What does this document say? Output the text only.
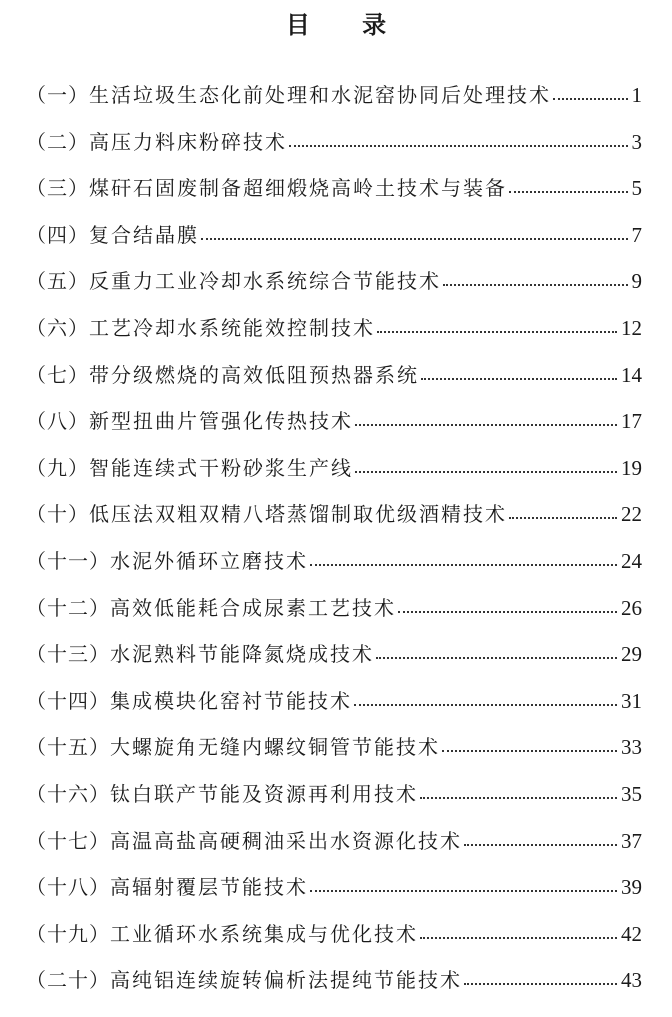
目 录
（一） 生活垃圾生态化前处理和水泥窑协同后处理技术	1
（二） 高压力料床粉碎技术	3
（三） 煤矸石固废制备超细煅烧高岭土技术与装备	5
（四） 复合结晶膜	7
（五） 反重力工业冷却水系统综合节能技术	9
（六） 工艺冷却水系统能效控制技术	12
（七） 带分级燃烧的高效低阻预热器系统	14
（八） 新型扭曲片管强化传热技术	17
（九） 智能连续式干粉砂浆生产线	19
（十） 低压法双粗双精八塔蒸馏制取优级酒精技术	22
（十一） 水泥外循环立磨技术	24
（十二） 高效低能耗合成尿素工艺技术	26
（十三） 水泥熟料节能降氮烧成技术	29
（十四） 集成模块化窑衬节能技术	31
（十五） 大螺旋角无缝内螺纹铜管节能技术	33
（十六） 钛白联产节能及资源再利用技术	35
（十七） 高温高盐高硬稠油采出水资源化技术	37
（十八） 高辐射覆层节能技术	39
（十九） 工业循环水系统集成与优化技术	42
（二十） 高纯铝连续旋转偏析法提纯节能技术	43
